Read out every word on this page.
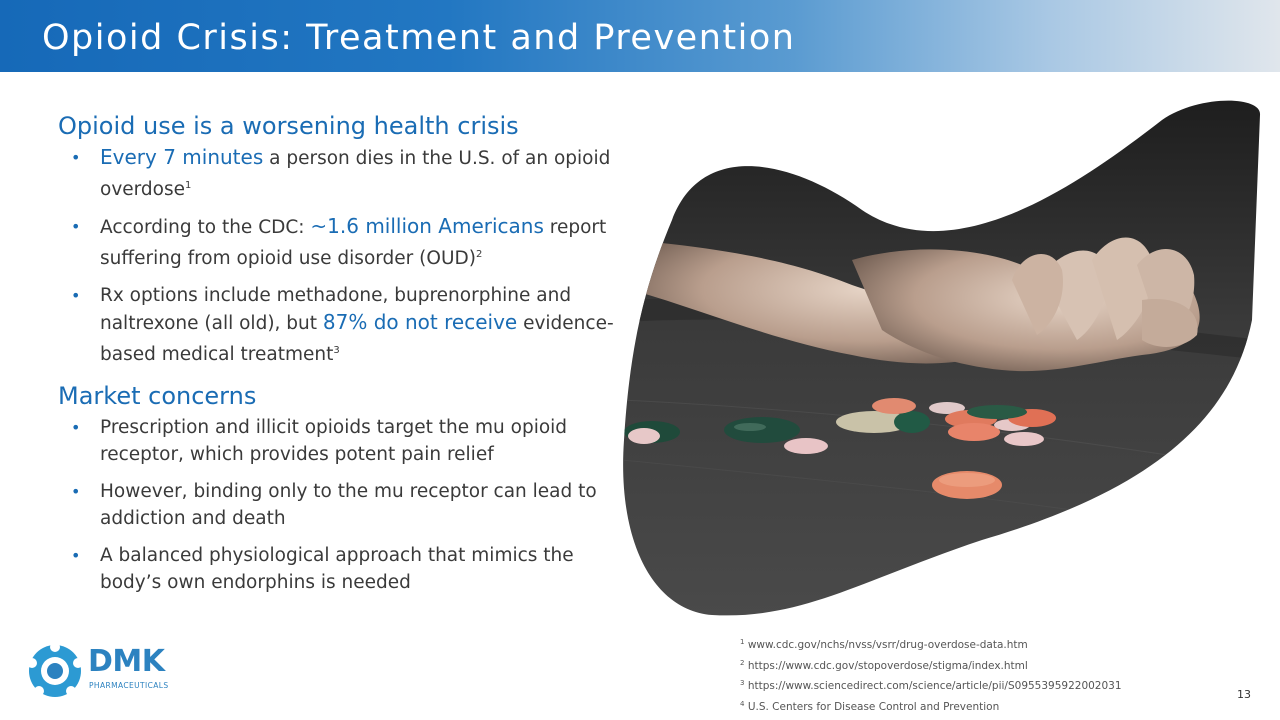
Opioid Crisis: Treatment and Prevention
Opioid use is a worsening health crisis
• Every 7 minutes a person dies in the U.S. of an opioid overdose$^1$
• According to the CDC: ~1.6 million Americans report suffering from opioid use disorder (OUD)$^2$
• Rx options include methadone, buprenorphine and naltrexone (all old), but 87% do not receive evidence-based medical treatment$^3$
Market concerns
• Prescription and illicit opioids target the mu opioid receptor, which provides potent pain relief
• However, binding only to the mu receptor can lead to addiction and death
• A balanced physiological approach that mimics the body’s own endorphins is needed
$^1$ www.cdc.gov/nchs/nvss/vsrr/drug-overdose-data.htm
$^2$ https://www.cdc.gov/stopoverdose/stigma/index.html
$^3$ https://www.sciencedirect.com/science/article/pii/S0955395922002031
$^4$ U.S. Centers for Disease Control and Prevention
13
DMK
PHARMACEUTICALS
